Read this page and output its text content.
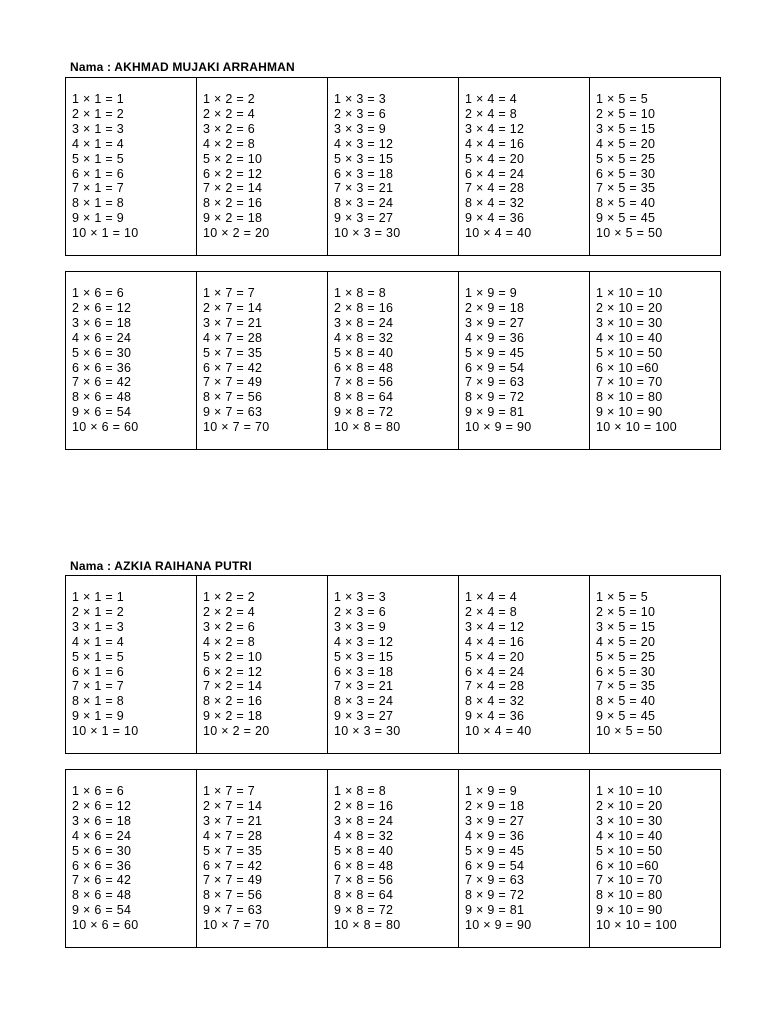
Nama : AKHMAD MUJAKI ARRAHMAN
1 × 1 = 1
2 × 1 = 2
3 × 1 = 3
4 × 1 = 4
5 × 1 = 5
6 × 1 = 6
7 × 1 = 7
8 × 1 = 8
9 × 1 = 9
10 × 1 = 10

1 × 2 = 2
2 × 2 = 4
3 × 2 = 6
4 × 2 = 8
5 × 2 = 10
6 × 2 = 12
7 × 2 = 14
8 × 2 = 16
9 × 2 = 18
10 × 2 = 20

1 × 3 = 3
2 × 3 = 6
3 × 3 = 9
4 × 3 = 12
5 × 3 = 15
6 × 3 = 18
7 × 3 = 21
8 × 3 = 24
9 × 3 = 27
10 × 3 = 30

1 × 4 = 4
2 × 4 = 8
3 × 4 = 12
4 × 4 = 16
5 × 4 = 20
6 × 4 = 24
7 × 4 = 28
8 × 4 = 32
9 × 4 = 36
10 × 4 = 40

1 × 5 = 5
2 × 5 = 10
3 × 5 = 15
4 × 5 = 20
5 × 5 = 25
6 × 5 = 30
7 × 5 = 35
8 × 5 = 40
9 × 5 = 45
10 × 5 = 50
1 × 6 = 6
2 × 6 = 12
3 × 6 = 18
4 × 6 = 24
5 × 6 = 30
6 × 6 = 36
7 × 6 = 42
8 × 6 = 48
9 × 6 = 54
10 × 6 = 60

1 × 7 = 7
2 × 7 = 14
3 × 7 = 21
4 × 7 = 28
5 × 7 = 35
6 × 7 = 42
7 × 7 = 49
8 × 7 = 56
9 × 7 = 63
10 × 7 = 70

1 × 8 = 8
2 × 8 = 16
3 × 8 = 24
4 × 8 = 32
5 × 8 = 40
6 × 8 = 48
7 × 8 = 56
8 × 8 = 64
9 × 8 = 72
10 × 8 = 80

1 × 9 = 9
2 × 9 = 18
3 × 9 = 27
4 × 9 = 36
5 × 9 = 45
6 × 9 = 54
7 × 9 = 63
8 × 9 = 72
9 × 9 = 81
10 × 9 = 90

1 × 10 = 10
2 × 10 = 20
3 × 10 = 30
4 × 10 = 40
5 × 10 = 50
6 × 10 =60
7 × 10 = 70
8 × 10 = 80
9 × 10 = 90
10 × 10 = 100
Nama : AZKIA RAIHANA PUTRI
1 × 1 = 1
2 × 1 = 2
3 × 1 = 3
4 × 1 = 4
5 × 1 = 5
6 × 1 = 6
7 × 1 = 7
8 × 1 = 8
9 × 1 = 9
10 × 1 = 10

1 × 2 = 2
2 × 2 = 4
3 × 2 = 6
4 × 2 = 8
5 × 2 = 10
6 × 2 = 12
7 × 2 = 14
8 × 2 = 16
9 × 2 = 18
10 × 2 = 20

1 × 3 = 3
2 × 3 = 6
3 × 3 = 9
4 × 3 = 12
5 × 3 = 15
6 × 3 = 18
7 × 3 = 21
8 × 3 = 24
9 × 3 = 27
10 × 3 = 30

1 × 4 = 4
2 × 4 = 8
3 × 4 = 12
4 × 4 = 16
5 × 4 = 20
6 × 4 = 24
7 × 4 = 28
8 × 4 = 32
9 × 4 = 36
10 × 4 = 40

1 × 5 = 5
2 × 5 = 10
3 × 5 = 15
4 × 5 = 20
5 × 5 = 25
6 × 5 = 30
7 × 5 = 35
8 × 5 = 40
9 × 5 = 45
10 × 5 = 50
1 × 6 = 6
2 × 6 = 12
3 × 6 = 18
4 × 6 = 24
5 × 6 = 30
6 × 6 = 36
7 × 6 = 42
8 × 6 = 48
9 × 6 = 54
10 × 6 = 60

1 × 7 = 7
2 × 7 = 14
3 × 7 = 21
4 × 7 = 28
5 × 7 = 35
6 × 7 = 42
7 × 7 = 49
8 × 7 = 56
9 × 7 = 63
10 × 7 = 70

1 × 8 = 8
2 × 8 = 16
3 × 8 = 24
4 × 8 = 32
5 × 8 = 40
6 × 8 = 48
7 × 8 = 56
8 × 8 = 64
9 × 8 = 72
10 × 8 = 80

1 × 9 = 9
2 × 9 = 18
3 × 9 = 27
4 × 9 = 36
5 × 9 = 45
6 × 9 = 54
7 × 9 = 63
8 × 9 = 72
9 × 9 = 81
10 × 9 = 90

1 × 10 = 10
2 × 10 = 20
3 × 10 = 30
4 × 10 = 40
5 × 10 = 50
6 × 10 =60
7 × 10 = 70
8 × 10 = 80
9 × 10 = 90
10 × 10 = 100
